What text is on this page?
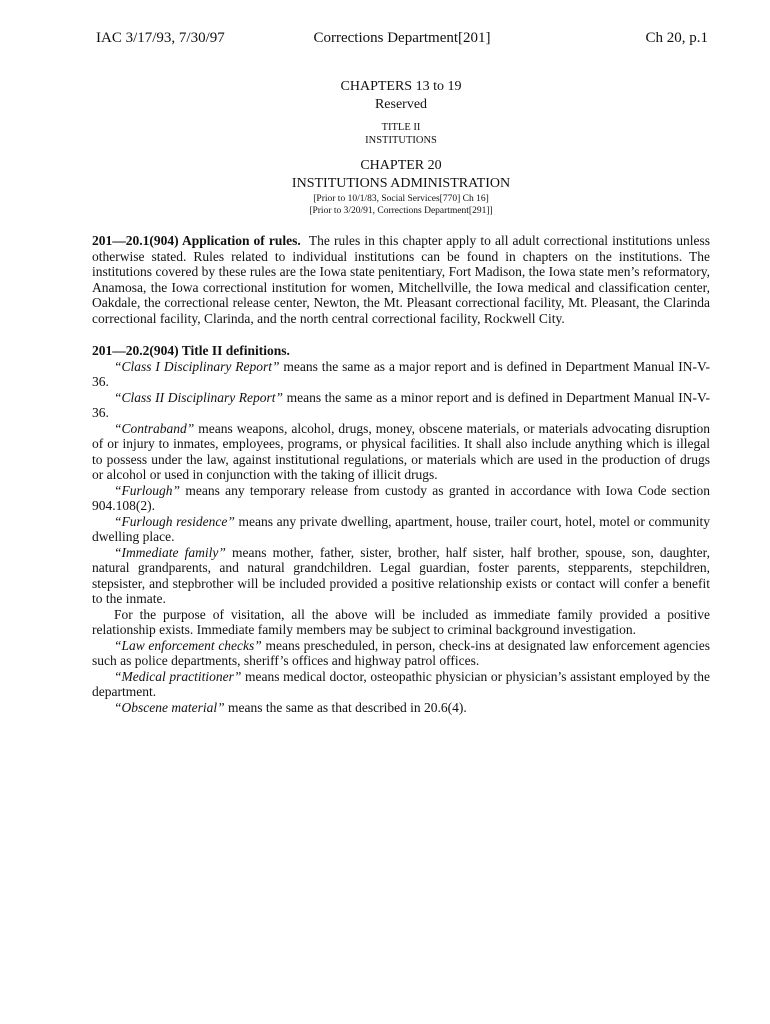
IAC 3/17/93, 7/30/97	Corrections Department[201]	Ch 20, p.1
CHAPTERS 13 to 19
Reserved
TITLE II
INSTITUTIONS
CHAPTER 20
INSTITUTIONS ADMINISTRATION
[Prior to 10/1/83, Social Services[770] Ch 16]
[Prior to 3/20/91, Corrections Department[291]]

201—20.1(904) Application of rules. The rules in this chapter apply to all adult correctional institutions unless otherwise stated. Rules related to individual institutions can be found in chapters on the institutions. The institutions covered by these rules are the Iowa state penitentiary, Fort Madison, the Iowa state men’s reformatory, Anamosa, the Iowa correctional institution for women, Mitchellville, the Iowa medical and classification center, Oakdale, the correctional release center, Newton, the Mt. Pleasant correctional facility, Mt. Pleasant, the Clarinda correctional facility, Clarinda, and the north central correctional facility, Rockwell City.

201—20.2(904) Title II definitions.

“Class I Disciplinary Report” means the same as a major report and is defined in Department Manual IN-V-36.

“Class II Disciplinary Report” means the same as a minor report and is defined in Department Manual IN-V-36.

“Contraband” means weapons, alcohol, drugs, money, obscene materials, or materials advocating disruption of or injury to inmates, employees, programs, or physical facilities. It shall also include anything which is illegal to possess under the law, against institutional regulations, or materials which are used in the production of drugs or alcohol or used in conjunction with the taking of illicit drugs.

“Furlough” means any temporary release from custody as granted in accordance with Iowa Code section 904.108(2).

“Furlough residence” means any private dwelling, apartment, house, trailer court, hotel, motel or community dwelling place.

“Immediate family” means mother, father, sister, brother, half sister, half brother, spouse, son, daughter, natural grandparents, and natural grandchildren. Legal guardian, foster parents, stepparents, stepchildren, stepsister, and stepbrother will be included provided a positive relationship exists or contact will confer a benefit to the inmate.

For the purpose of visitation, all the above will be included as immediate family provided a positive relationship exists. Immediate family members may be subject to criminal background investigation.

“Law enforcement checks” means prescheduled, in person, check-ins at designated law enforcement agencies such as police departments, sheriff’s offices and highway patrol offices.

“Medical practitioner” means medical doctor, osteopathic physician or physician’s assistant employed by the department.

“Obscene material” means the same as that described in 20.6(4).
